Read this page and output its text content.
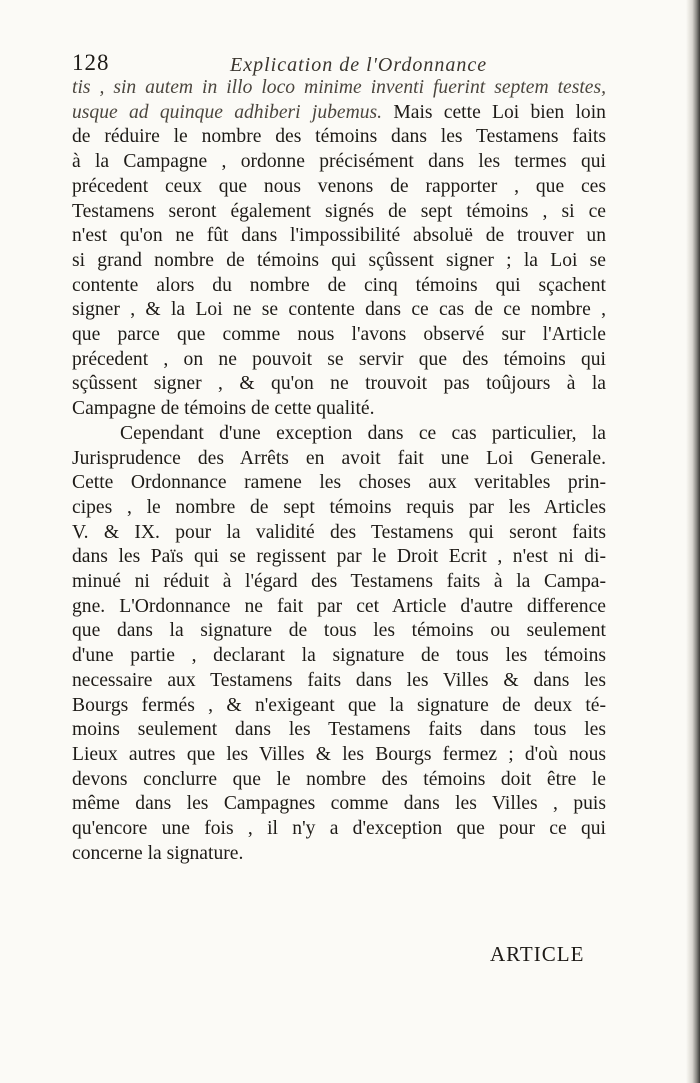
128	Explication de l'Ordonnance
tis , sin autem in illo loco minime inventi fuerint septem testes,
usque ad quinque adhiberi jubemus. Mais cette Loi bien loin
de réduire le nombre des témoins dans les Testamens faits
à la Campagne , ordonne précisément dans les termes qui
précedent ceux que nous venons de rapporter , que ces
Testamens seront également signés de sept témoins , si ce
n'est qu'on ne fût dans l'impossibilité absoluë de trouver un
si grand nombre de témoins qui sçûssent signer ; la Loi se
contente alors du nombre de cinq témoins qui sçachent
signer , & la Loi ne se contente dans ce cas de ce nombre ,
que parce que comme nous l'avons observé sur l'Article
précedent , on ne pouvoit se servir que des témoins qui
sçûssent signer , & qu'on ne trouvoit pas toûjours à la
Campagne de témoins de cette qualité.
Cependant d'une exception dans ce cas particulier, la
Jurisprudence des Arrêts en avoit fait une Loi Generale.
Cette Ordonnance ramene les choses aux veritables prin-
cipes , le nombre de sept témoins requis par les Articles
V. & IX. pour la validité des Testamens qui seront faits
dans les Païs qui se regissent par le Droit Ecrit , n'est ni di-
minué ni réduit à l'égard des Testamens faits à la Campa-
gne. L'Ordonnance ne fait par cet Article d'autre difference
que dans la signature de tous les témoins ou seulement
d'une partie , declarant la signature de tous les témoins
necessaire aux Testamens faits dans les Villes & dans les
Bourgs fermés , & n'exigeant que la signature de deux té-
moins seulement dans les Testamens faits dans tous les
Lieux autres que les Villes & les Bourgs fermez ; d'où nous
devons conclurre que le nombre des témoins doit être le
même dans les Campagnes comme dans les Villes , puis
qu'encore une fois , il n'y a d'exception que pour ce qui
concerne la signature.
ARTICLE
